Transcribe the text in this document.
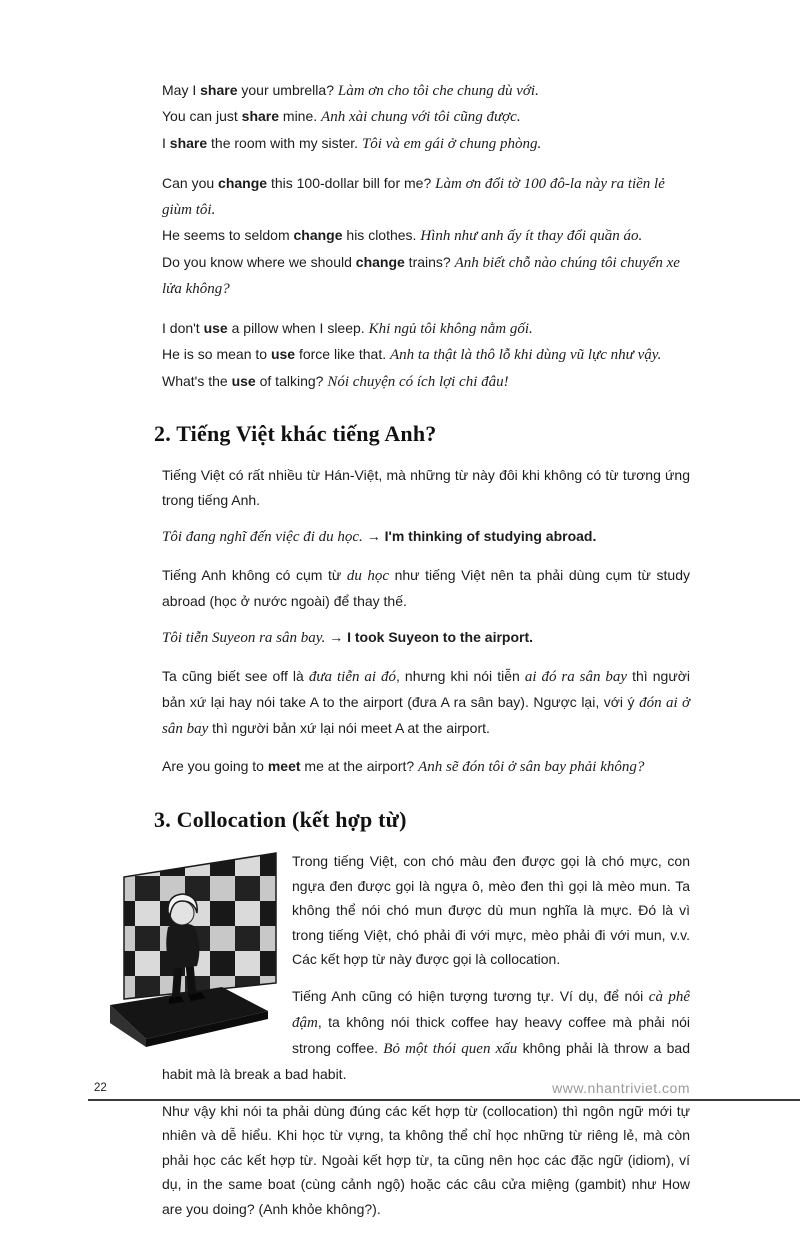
May I share your umbrella? Làm ơn cho tôi che chung dù với.

You can just share mine. Anh xài chung với tôi cũng được.

I share the room with my sister. Tôi và em gái ở chung phòng.

Can you change this 100-dollar bill for me? Làm ơn đổi tờ 100 đô-la này ra tiền lẻ giùm tôi.

He seems to seldom change his clothes. Hình như anh ấy ít thay đổi quần áo.

Do you know where we should change trains? Anh biết chỗ nào chúng tôi chuyển xe lửa không?

I don't use a pillow when I sleep. Khi ngủ tôi không nằm gối.

He is so mean to use force like that. Anh ta thật là thô lỗ khi dùng vũ lực như vậy.

What's the use of talking? Nói chuyện có ích lợi chi đâu!

2. Tiếng Việt khác tiếng Anh?

Tiếng Việt có rất nhiều từ Hán-Việt, mà những từ này đôi khi không có từ tương ứng trong tiếng Anh.

Tôi đang nghĩ đến việc đi du học. → I'm thinking of studying abroad.

Tiếng Anh không có cụm từ du học như tiếng Việt nên ta phải dùng cụm từ study abroad (học ở nước ngoài) để thay thế.

Tôi tiễn Suyeon ra sân bay. → I took Suyeon to the airport.

Ta cũng biết see off là đưa tiễn ai đó, nhưng khi nói tiễn ai đó ra sân bay thì người bản xứ lại hay nói take A to the airport (đưa A ra sân bay). Ngược lại, với ý đón ai ở sân bay thì người bản xứ lại nói meet A at the airport.

Are you going to meet me at the airport? Anh sẽ đón tôi ở sân bay phải không?

3. Collocation (kết hợp từ)

Trong tiếng Việt, con chó màu đen được gọi là chó mực, con ngựa đen được gọi là ngựa ô, mèo đen thì gọi là mèo mun. Ta không thể nói chó mun được dù mun nghĩa là mực. Đó là vì trong tiếng Việt, chó phải đi với mực, mèo phải đi với mun, v.v. Các kết hợp từ này được gọi là collocation.

Tiếng Anh cũng có hiện tượng tương tự. Ví dụ, để nói cà phê đậm, ta không nói thick coffee hay heavy coffee mà phải nói strong coffee. Bỏ một thói quen xấu không phải là throw a bad habit mà là break a bad habit.

Như vậy khi nói ta phải dùng đúng các kết hợp từ (collocation) thì ngôn ngữ mới tự nhiên và dễ hiểu. Khi học từ vựng, ta không thể chỉ học những từ riêng lẻ, mà còn phải học các kết hợp từ. Ngoài kết hợp từ, ta cũng nên học các đặc ngữ (idiom), ví dụ, in the same boat (cùng cảnh ngộ) hoặc các câu cửa miệng (gambit) như How are you doing? (Anh khỏe không?).

22	www.nhantriviet.com
